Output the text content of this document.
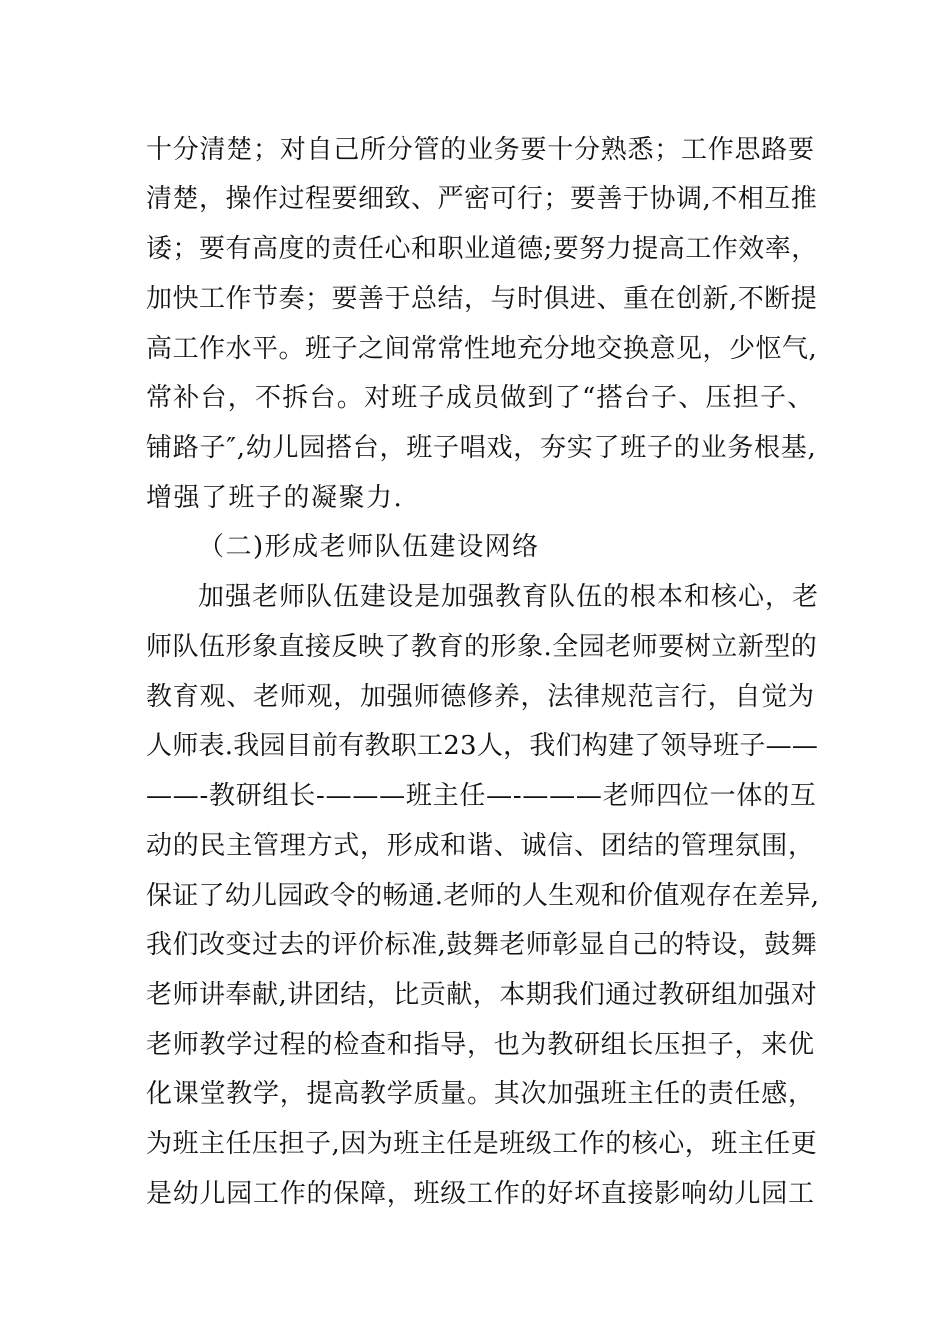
十分清楚；对自己所分管的业务要十分熟悉；工作思路要
清楚，操作过程要细致、严密可行；要善于协调,不相互推
诿；要有高度的责任心和职业道德;要努力提高工作效率，
加快工作节奏；要善于总结，与时俱进、重在创新,不断提
高工作水平。班子之间常常性地充分地交换意见，少怄气,
常补台，不拆台。对班子成员做到了“搭台子、压担子、
铺路子″,幼儿园搭台，班子唱戏，夯实了班子的业务根基,
增强了班子的凝聚力.
（二)形成老师队伍建设网络
加强老师队伍建设是加强教育队伍的根本和核心，老
师队伍形象直接反映了教育的形象.全园老师要树立新型的
教育观、老师观，加强师德修养，法律规范言行，自觉为
人师表.我园目前有教职工23人，我们构建了领导班子——
——-教研组长-———班主任—-———老师四位一体的互
动的民主管理方式，形成和谐、诚信、团结的管理氛围，
保证了幼儿园政令的畅通.老师的人生观和价值观存在差异,
我们改变过去的评价标准,鼓舞老师彰显自己的特设，鼓舞
老师讲奉献,讲团结，比贡献，本期我们通过教研组加强对
老师教学过程的检查和指导，也为教研组长压担子，来优
化课堂教学，提高教学质量。其次加强班主任的责任感，
为班主任压担子,因为班主任是班级工作的核心，班主任更
是幼儿园工作的保障，班级工作的好坏直接影响幼儿园工
